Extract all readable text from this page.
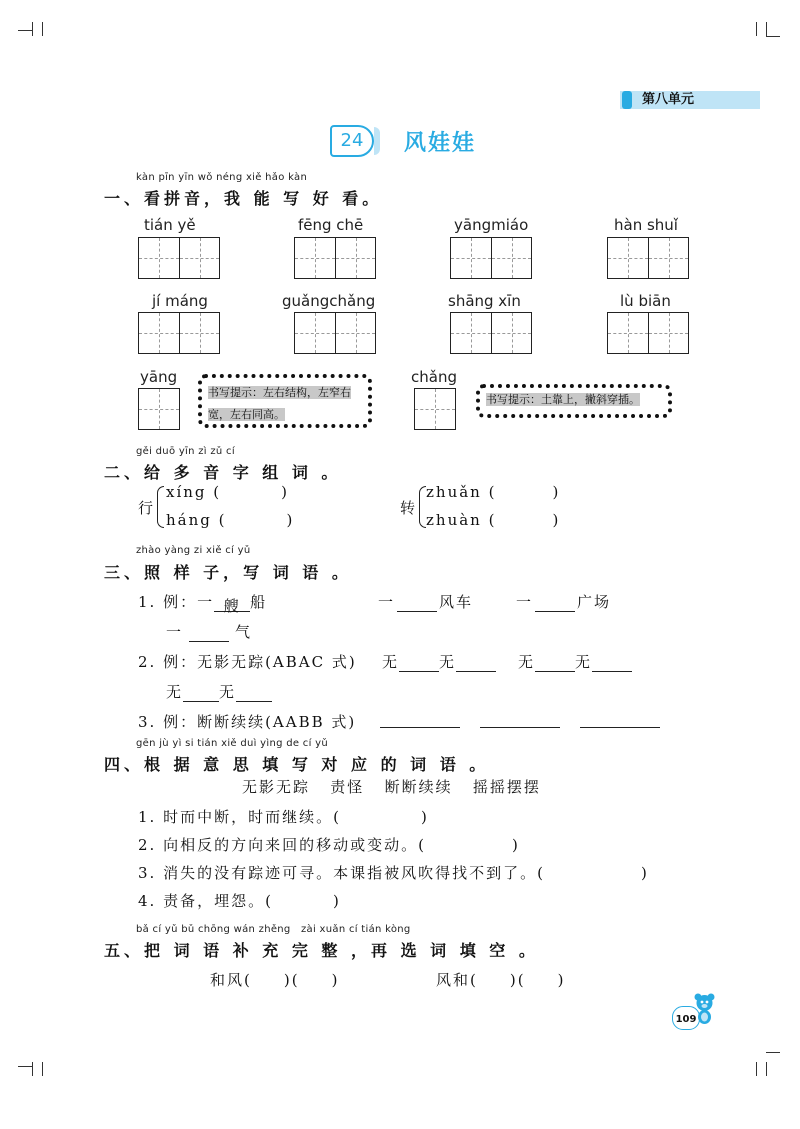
第八单元
24	风娃娃
kàn pīn yīn wǒ néng xiě hǎo kàn
一、看拼音，我 能 写 好 看。
tián yě	fēng chē	yāngmiáo	hàn shuǐ
jí máng	guǎngchǎng	shāng xīn	lù biān
yāng
书写提示：左右结构，左窄右宽，左右同高。
chǎng
书写提示：土靠上，撇斜穿插。
gěi duō yīn zì zǔ cí
二、给 多 音 字 组 词 。
行
xíng (	)
háng (	)
转
zhuǎn (	)
zhuàn (	)
zhào yàng zi xiě cí yǔ
三、照 样 子，写 词 语 。
1. 例：一 艘 船	一	风车	一	广场
一	气
2. 例：无影无踪(ABAC 式) 无	无	无	无
无 无
3. 例：断断续续(AABB 式)
gēn jù yì si tián xiě duì yìng de cí yǔ
四、根 据 意 思 填 写 对 应 的 词 语 。
无影无踪   责怪   断断续续   摇摇摆摆
1. 时而中断，时而继续。(	)
2. 向相反的方向来回的移动或变动。(	)
3. 消失的没有踪迹可寻。本课指被风吹得找不到了。(	)
4. 责备，埋怨。(	)
bǎ cí yǔ bǔ chōng wán zhěng   zài xuǎn cí tián kòng
五、把 词 语 补 充 完 整 ，再 选 词 填 空 。
和风( )( )	风和( )( )
109
